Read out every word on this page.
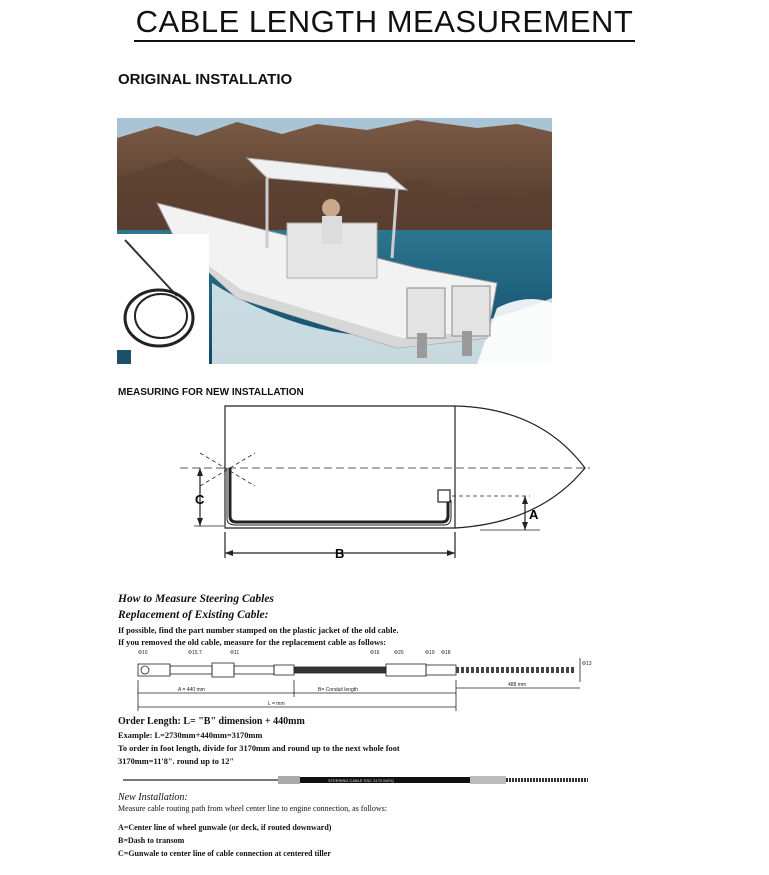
CABLE LENGTH MEASUREMENT
ORIGINAL INSTALLATIO
MEASURING FOR NEW INSTALLATION
C
B
A
How to Measure Steering Cables
Replacement of Existing Cable:
If possible, find the part number stamped on the plastic jacket of the old cable.
If you removed the old cable, measure for the replacement cable as follows:
Φ10	Φ15.7	Φ11	Φ16	Φ20	Φ19 Φ18
Φ13
A = 440 mm	B= Conduit length
L = mm
488 mm
Order Length: L= "B" dimension + 440mm
Example: L=2730mm+440mm=3170mm
To order in foot length, divide for 3170mm and round up to the next whole foot
3170mm=11'8". round up to 12"
STEERING CABLE SSC 3170 IMOQ
New Installation:
Measure cable routing path from wheel center line to engine connection, as follows:
A=Center line of wheel gunwale (or deck, if routed downward)
B=Dash to transom
C=Gunwale to center line of cable connection at centered tiller
